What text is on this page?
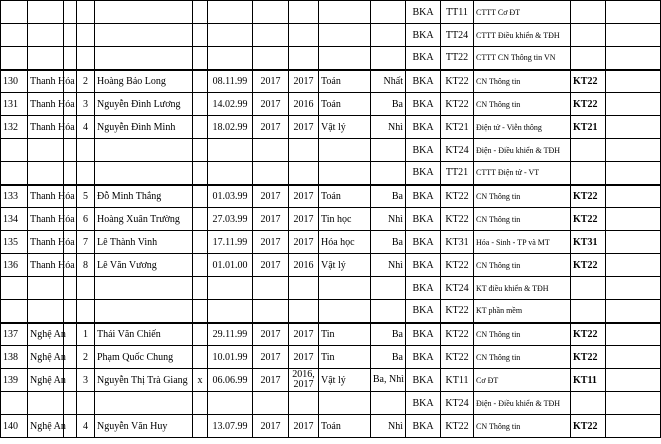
											BKA	TT11	CTTT Cơ ĐT		
											BKA	TT24	CTTT Điều khiển & TĐH		
											BKA	TT22	CTTT CN Thông tin VN		
130	Thanh Hóa		2	Hoàng Bảo Long		08.11.99	2017	2017	Toán	Nhất	BKA	KT22	CN Thông tin	KT22	
131	Thanh Hóa		3	Nguyễn Đình Lương		14.02.99	2017	2016	Toán	Ba	BKA	KT22	CN Thông tin	KT22	
132	Thanh Hóa		4	Nguyễn Đình Minh		18.02.99	2017	2017	Vật lý	Nhì	BKA	KT21	Điện tử - Viễn thông	KT21	
											BKA	KT24	Điện - Điều khiển & TĐH		
											BKA	TT21	CTTT Điện tử - VT		
133	Thanh Hóa		5	Đỗ Minh Thắng		01.03.99	2017	2017	Toán	Ba	BKA	KT22	CN Thông tin	KT22	
134	Thanh Hóa		6	Hoàng Xuân Trường		27.03.99	2017	2017	Tin học	Nhì	BKA	KT22	CN Thông tin	KT22	
135	Thanh Hóa		7	Lê Thành Vinh		17.11.99	2017	2017	Hóa học	Ba	BKA	KT31	Hóa - Sinh - TP và MT	KT31	
136	Thanh Hóa		8	Lê Văn Vương		01.01.00	2017	2016	Vật lý	Nhì	BKA	KT22	CN Thông tin	KT22	
											BKA	KT24	KT điều khiển & TĐH		
											BKA	KT22	KT phần mềm		
137	Nghệ An		1	Thái Văn Chiến		29.11.99	2017	2017	Tin	Ba	BKA	KT22	CN Thông tin	KT22	
138	Nghệ An		2	Phạm Quốc Chung		10.01.99	2017	2017	Tin	Ba	BKA	KT22	CN Thông tin	KT22	
139	Nghệ An		3	Nguyễn Thị Trà Giang	x	06.06.99	2017	2016, 2017	Vật lý	Ba, Nhì	BKA	KT11	Cơ ĐT	KT11	
											BKA	KT24	Điện - Điều khiển & TĐH		
140	Nghệ An		4	Nguyễn Văn Huy		13.07.99	2017	2017	Toán	Nhì	BKA	KT22	CN Thông tin	KT22	
